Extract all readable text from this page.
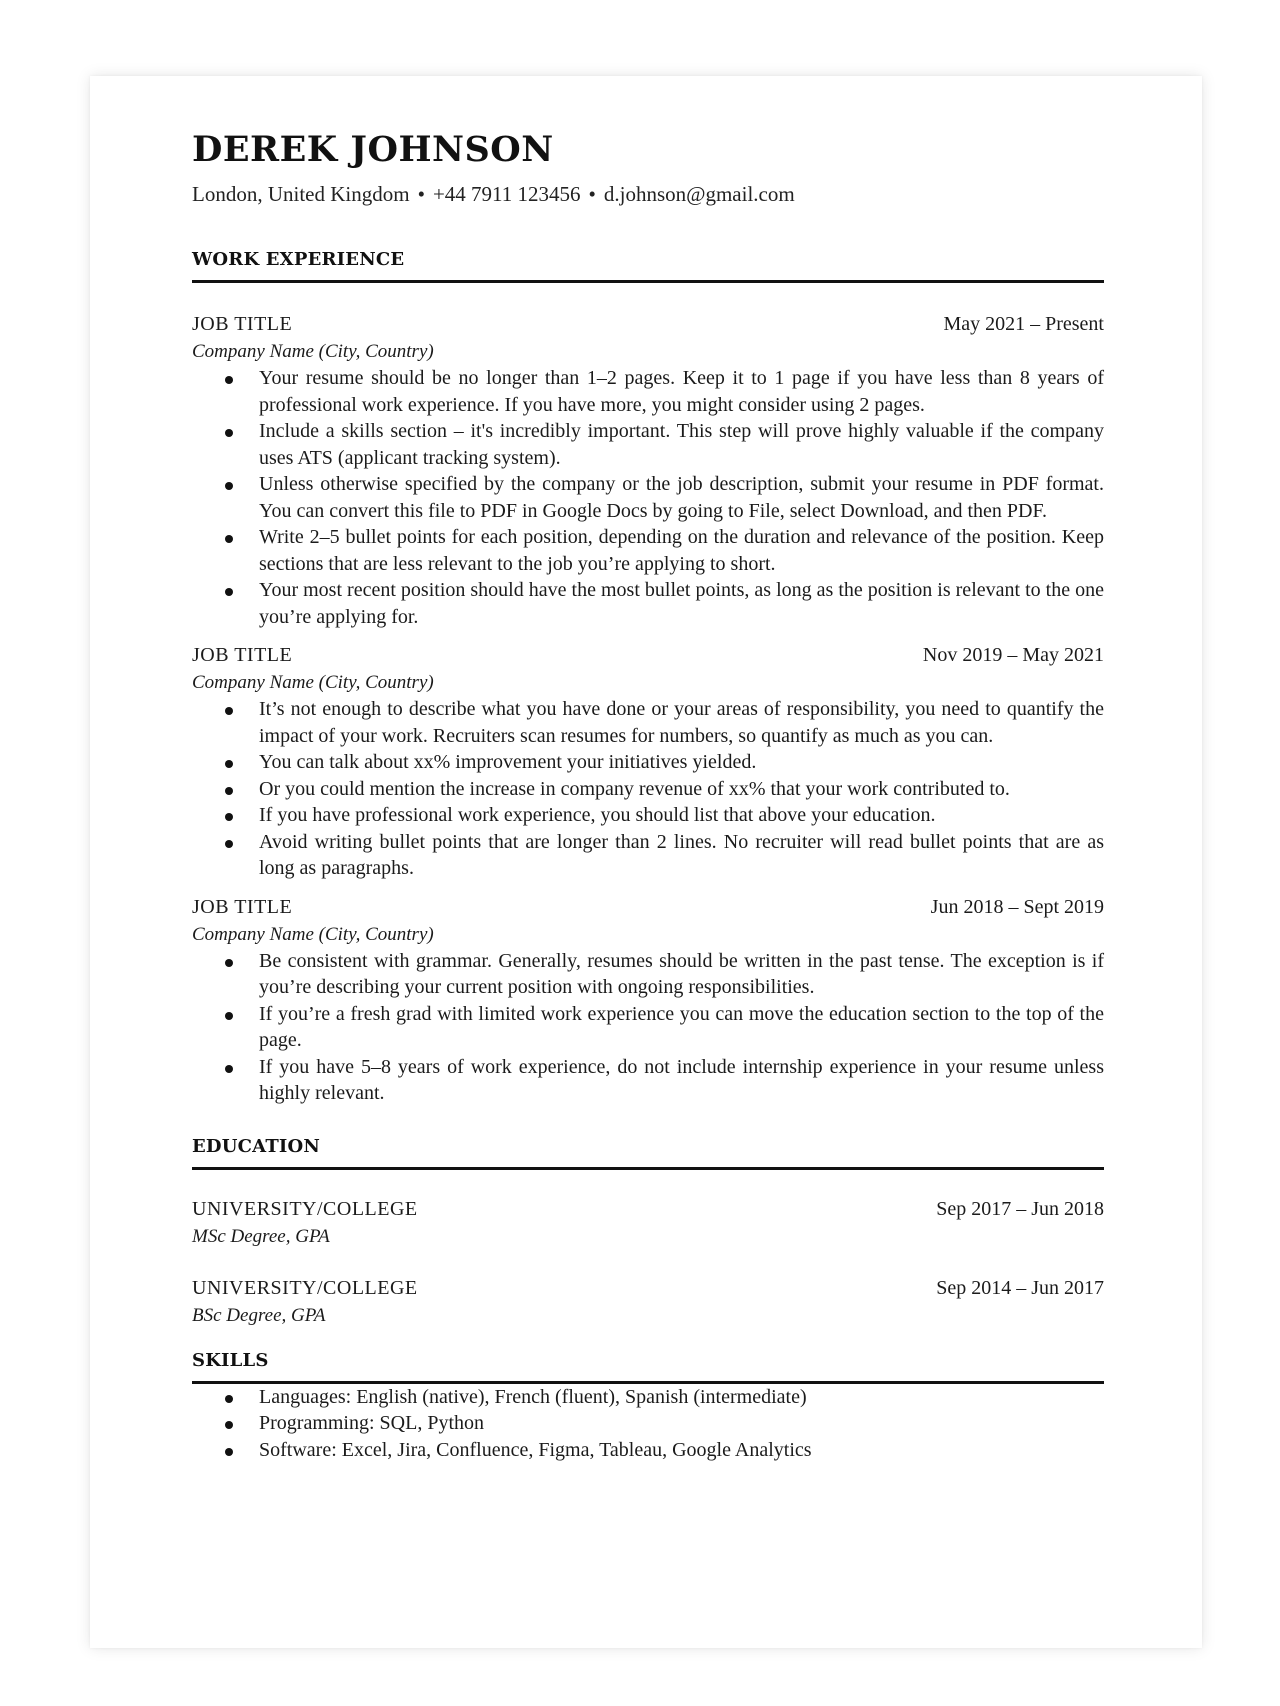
DEREK JOHNSON
London, United Kingdom • +44 7911 123456 • d.johnson@gmail.com
WORK EXPERIENCE
JOB TITLE	May 2021 – Present
Company Name (City, Country)
Your resume should be no longer than 1–2 pages. Keep it to 1 page if you have less than 8 years of professional work experience. If you have more, you might consider using 2 pages.
Include a skills section – it's incredibly important. This step will prove highly valuable if the company uses ATS (applicant tracking system).
Unless otherwise specified by the company or the job description, submit your resume in PDF format. You can convert this file to PDF in Google Docs by going to File, select Download, and then PDF.
Write 2–5 bullet points for each position, depending on the duration and relevance of the position. Keep sections that are less relevant to the job you’re applying to short.
Your most recent position should have the most bullet points, as long as the position is relevant to the one you’re applying for.
JOB TITLE	Nov 2019 – May 2021
Company Name (City, Country)
It’s not enough to describe what you have done or your areas of responsibility, you need to quantify the impact of your work. Recruiters scan resumes for numbers, so quantify as much as you can.
You can talk about xx% improvement your initiatives yielded.
Or you could mention the increase in company revenue of xx% that your work contributed to.
If you have professional work experience, you should list that above your education.
Avoid writing bullet points that are longer than 2 lines. No recruiter will read bullet points that are as long as paragraphs.
JOB TITLE	Jun 2018 – Sept 2019
Company Name (City, Country)
Be consistent with grammar. Generally, resumes should be written in the past tense. The exception is if you’re describing your current position with ongoing responsibilities.
If you’re a fresh grad with limited work experience you can move the education section to the top of the page.
If you have 5–8 years of work experience, do not include internship experience in your resume unless highly relevant.
EDUCATION
UNIVERSITY/COLLEGE	Sep 2017 – Jun 2018
MSc Degree, GPA
UNIVERSITY/COLLEGE	Sep 2014 – Jun 2017
BSc Degree, GPA
SKILLS
Languages: English (native), French (fluent), Spanish (intermediate)
Programming: SQL, Python
Software: Excel, Jira, Confluence, Figma, Tableau, Google Analytics
